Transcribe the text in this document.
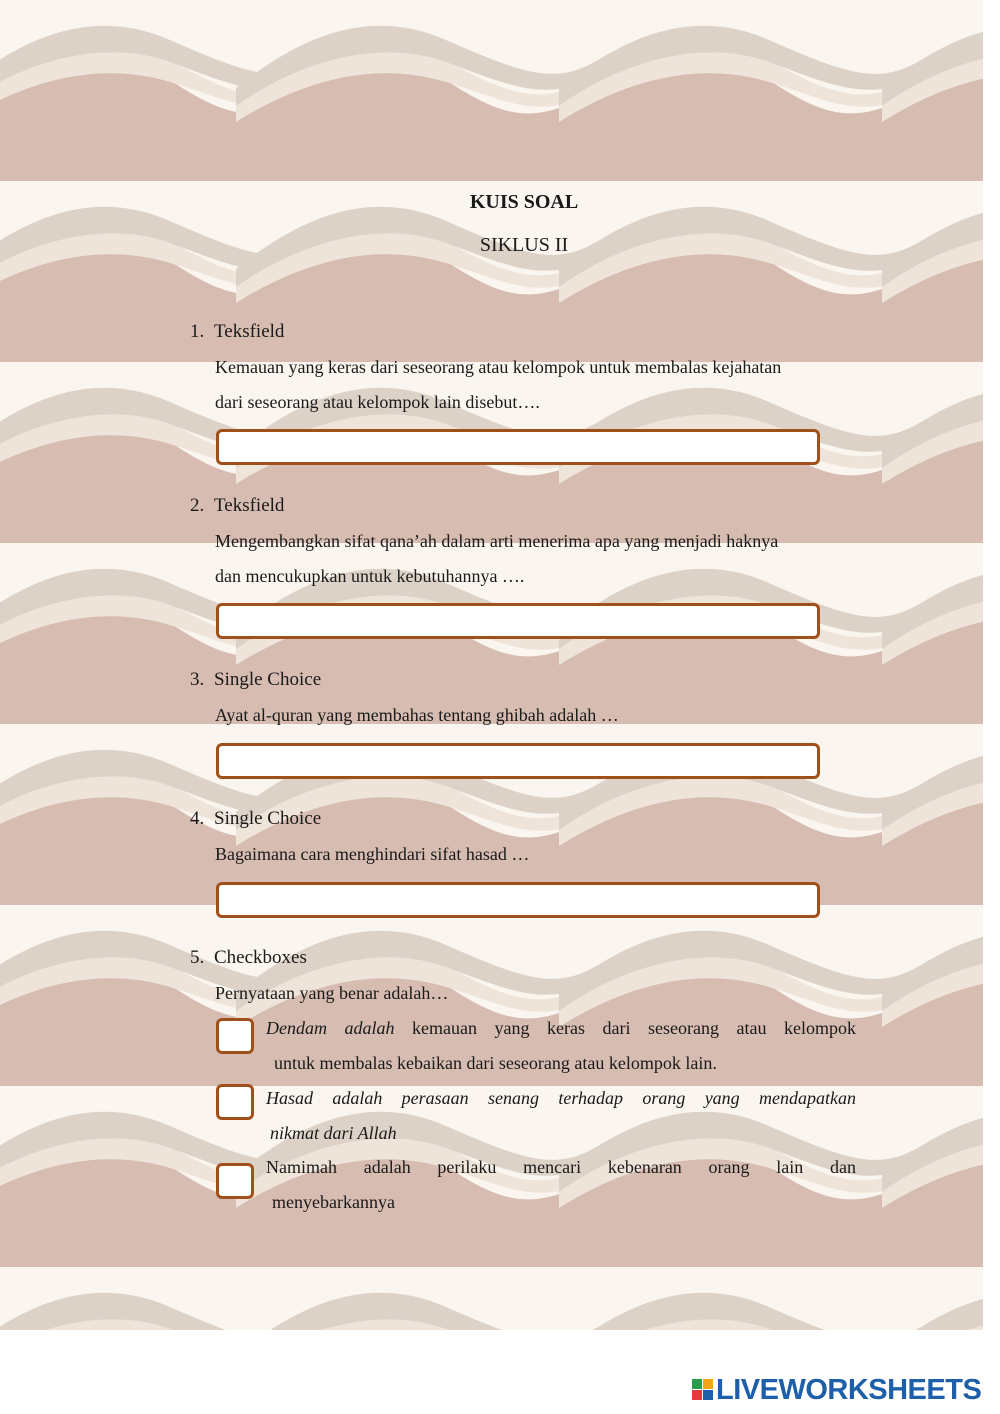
KUIS SOAL
SIKLUS II
1. Teksfield
Kemauan yang keras dari seseorang atau kelompok untuk membalas kejahatan
dari seseorang atau kelompok lain disebut….
2. Teksfield
Mengembangkan sifat qana’ah dalam arti menerima apa yang menjadi haknya
dan mencukupkan untuk kebutuhannya ….
3. Single Choice
Ayat al-quran yang membahas tentang ghibah adalah …
4. Single Choice
Bagaimana cara menghindari sifat hasad …
5. Checkboxes
Pernyataan yang benar adalah…
Dendam adalah kemauan yang keras dari seseorang atau kelompok
untuk membalas kebaikan dari seseorang atau kelompok lain.
Hasad adalah perasaan senang terhadap orang yang mendapatkan
nikmat dari Allah
Namimah adalah perilaku mencari kebenaran orang lain dan
menyebarkannya
LIVEWORKSHEETS
